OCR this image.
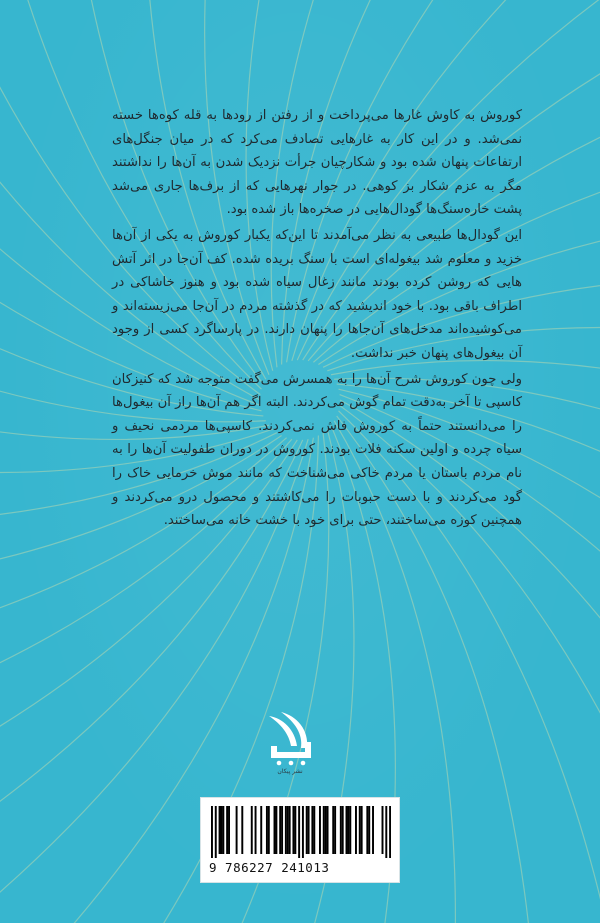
کوروش به کاوش غارها می‌پرداخت و از رفتن از رودها به قله کوه‌ها خسته نمی‌شد. و در این کار به غارهایی تصادف می‌کرد که در میان جنگل‌های ارتفاعات پنهان شده بود و شکارچیان جرأت نزدیک شدن به آن‌ها را نداشتند مگر به عزم شکار بز کوهی. در جوار نهرهایی که از برف‌ها جاری می‌شد پشت خاره‌سنگ‌ها گودال‌هایی در صخره‌ها باز شده بود.

این گودال‌ها طبیعی به نظر می‌آمدند تا این‌که یکبار کوروش به یکی از آن‌ها خزید و معلوم شد بیغوله‌ای است با سنگ بریده شده. کف آن‌جا در اثر آتش هایی که روشن کرده بودند مانند زغال سیاه شده بود و هنوز خاشاکی در اطراف باقی بود. با خود اندیشید که در گذشته مردم در آن‌جا می‌زیسته‌اند و می‌کوشیده‌اند مدخل‌های آن‌جاها را پنهان دارند. در پارساگرد کسی از وجود آن بیغول‌های پنهان خبر نداشت.

ولی چون کوروش شرح آن‌ها را به همسرش می‌گفت متوجه شد که کنیزکان کاسپی تا آخر به‌دقت تمام گوش می‌کردند. البته اگر هم آن‌ها راز آن بیغول‌ها را می‌دانستند حتماً به کوروش فاش نمی‌کردند. کاسپی‌ها مردمی نحیف و سیاه چرده و اولین سکنه فلات بودند. کوروش در دوران طفولیت آن‌ها را به نام مردم باستان یا مردم خاکی می‌شناخت که مانند موش خرمایی خاک را گود می‌کردند و با دست حبوبات را می‌کاشتند و محصول درو می‌کردند و همچنین کوزه می‌ساختند، حتی برای خود با خشت خانه می‌ساختند.

نشر پیکان
9 786227 241013
